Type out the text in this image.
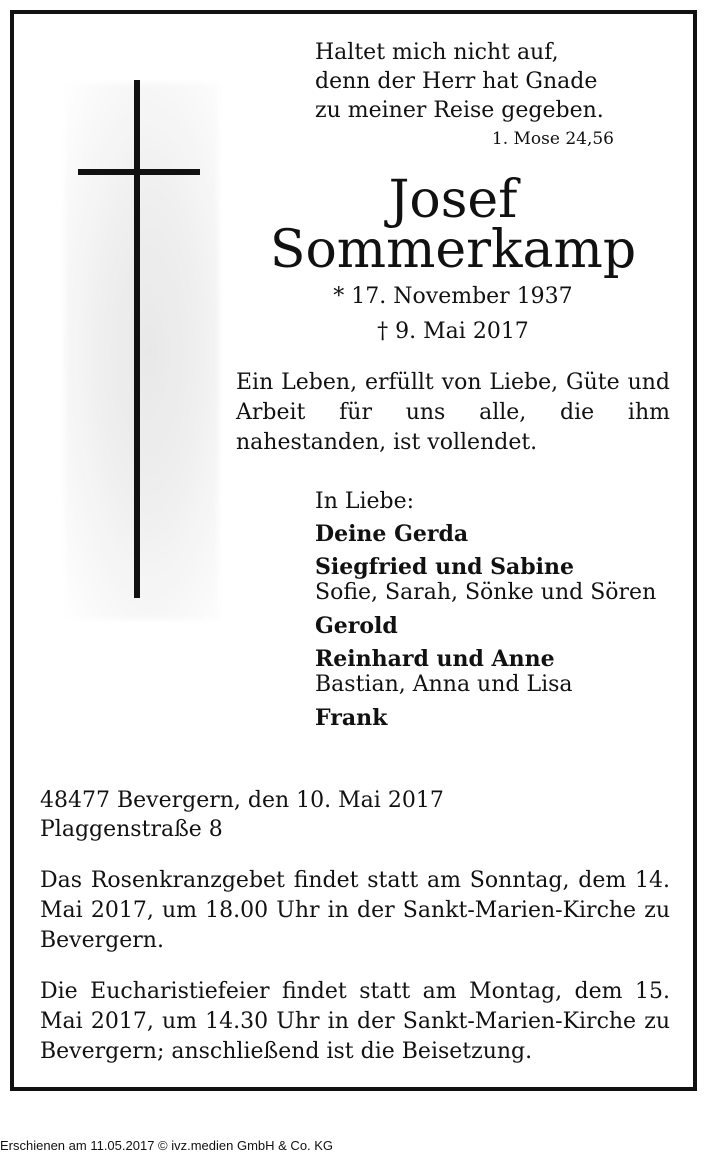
Haltet mich nicht auf,
denn der Herr hat Gnade
zu meiner Reise gegeben.
1. Mose 24,56
Josef
Sommerkamp
* 17. November 1937
† 9. Mai 2017
Ein Leben, erfüllt von Liebe, Güte und Arbeit für uns alle, die ihm nahestanden, ist vollendet.
In Liebe:
Deine Gerda
Siegfried und Sabine
Sofie, Sarah, Sönke und Sören
Gerold
Reinhard und Anne
Bastian, Anna und Lisa
Frank
48477 Bevergern, den 10. Mai 2017
Plaggenstraße 8
Das Rosenkranzgebet findet statt am Sonntag, dem 14. Mai 2017, um 18.00 Uhr in der Sankt-Marien-Kirche zu Bevergern.
Die Eucharistiefeier findet statt am Montag, dem 15. Mai 2017, um 14.30 Uhr in der Sankt-Marien-Kirche zu Bevergern; anschließend ist die Beisetzung.
Erschienen am 11.05.2017 © ivz.medien GmbH & Co. KG
